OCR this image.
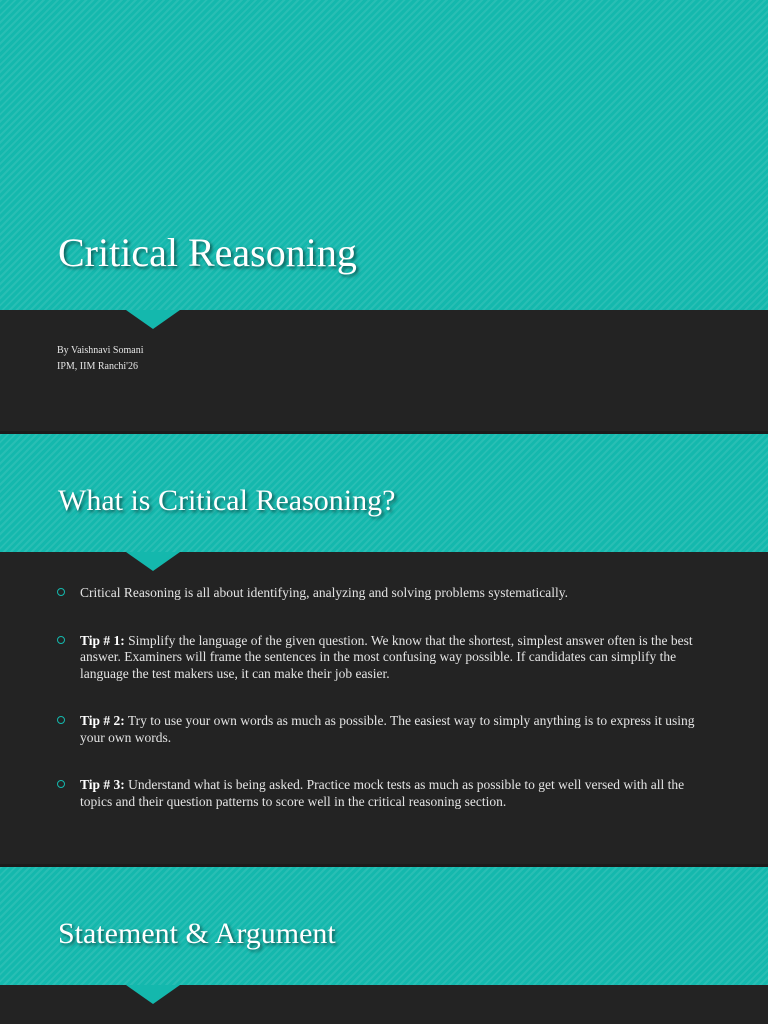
Critical Reasoning
By Vaishnavi Somani
IPM, IIM Ranchi'26
What is Critical Reasoning?
Critical Reasoning is all about identifying, analyzing and solving problems systematically.
Tip # 1: Simplify the language of the given question. We know that the shortest, simplest answer often is the best answer. Examiners will frame the sentences in the most confusing way possible. If candidates can simplify the language the test makers use, it can make their job easier.
Tip # 2: Try to use your own words as much as possible. The easiest way to simply anything is to express it using your own words.
Tip # 3: Understand what is being asked. Practice mock tests as much as possible to get well versed with all the topics and their question patterns to score well in the critical reasoning section.
Statement & Argument
